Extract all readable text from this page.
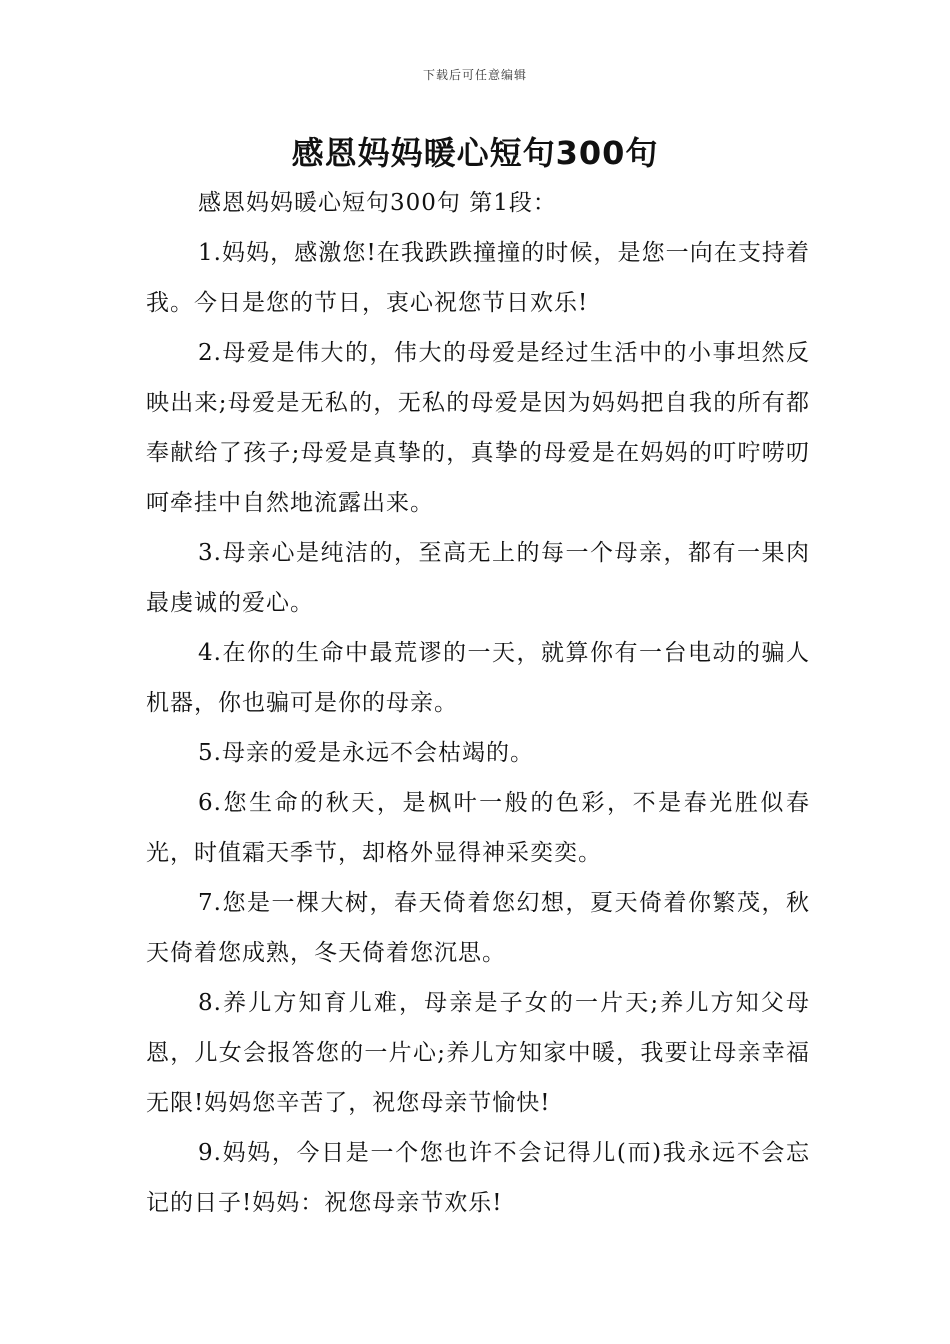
下载后可任意编辑
感恩妈妈暖心短句300句

感恩妈妈暖心短句300句 第1段：

1.妈妈，感激您!在我跌跌撞撞的时候，是您一向在支持着我。今日是您的节日，衷心祝您节日欢乐!

2.母爱是伟大的，伟大的母爱是经过生活中的小事坦然反映出来;母爱是无私的，无私的母爱是因为妈妈把自我的所有都奉献给了孩子;母爱是真挚的，真挚的母爱是在妈妈的叮咛唠叨呵牵挂中自然地流露出来。

3.母亲心是纯洁的，至高无上的每一个母亲，都有一果肉最虔诚的爱心。

4.在你的生命中最荒谬的一天，就算你有一台电动的骗人机器，你也骗可是你的母亲。

5.母亲的爱是永远不会枯竭的。

6.您生命的秋天，是枫叶一般的色彩，不是春光胜似春光，时值霜天季节，却格外显得神采奕奕。

7.您是一棵大树，春天倚着您幻想，夏天倚着你繁茂，秋天倚着您成熟，冬天倚着您沉思。

8.养儿方知育儿难，母亲是子女的一片天;养儿方知父母恩，儿女会报答您的一片心;养儿方知家中暖，我要让母亲幸福无限!妈妈您辛苦了，祝您母亲节愉快!

9.妈妈，今日是一个您也许不会记得儿(而)我永远不会忘记的日子!妈妈：祝您母亲节欢乐!
